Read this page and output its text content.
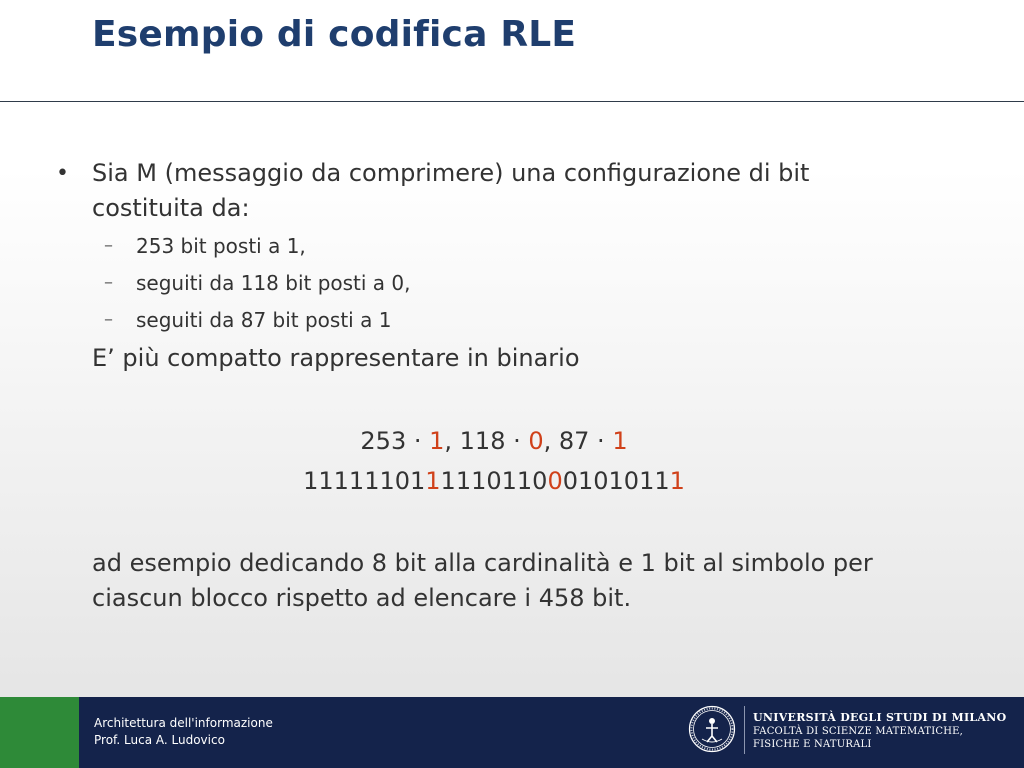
Esempio di codifica RLE
• Sia M (messaggio da comprimere) una configurazione di bit
costituita da:
– 253 bit posti a 1,
– seguiti da 118 bit posti a 0,
– seguiti da 87 bit posti a 1
E’ più compatto rappresentare in binario
253 · 1, 118 · 0, 87 · 1
1111110111110110001010111
ad esempio dedicando 8 bit alla cardinalità e 1 bit al simbolo per
ciascun blocco rispetto ad elencare i 458 bit.
Architettura dell'informazione
Prof. Luca A. Ludovico
UNIVERSITÀ DEGLI STUDI DI MILANO
FACOLTÀ DI SCIENZE MATEMATICHE,
FISICHE E NATURALI
